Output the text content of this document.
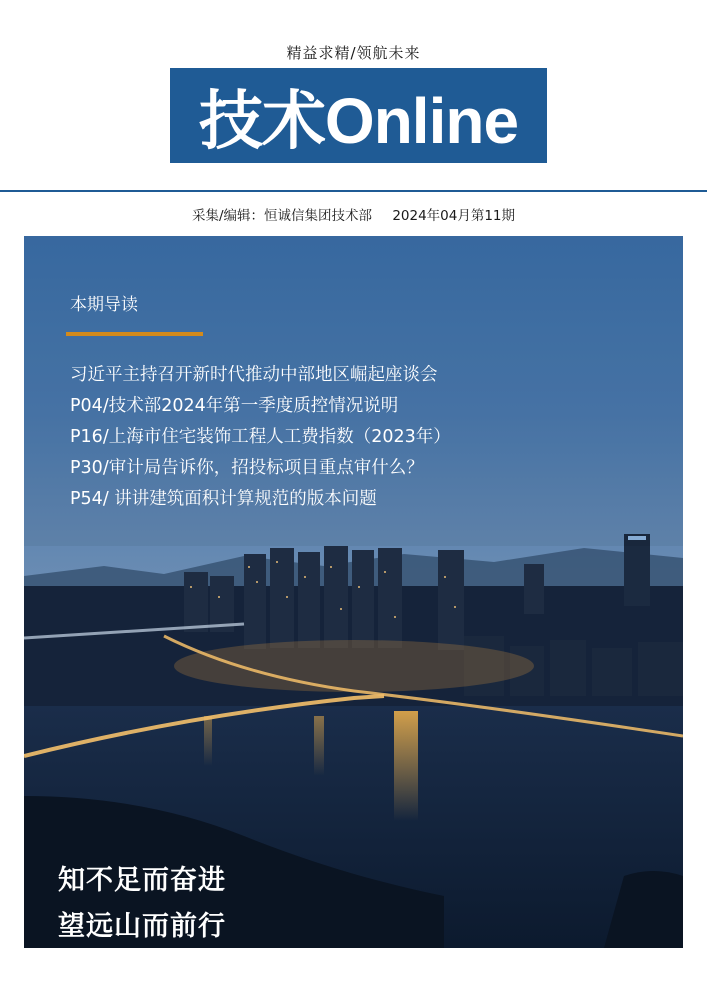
精益求精/领航未来
技术Online
采集/编辑：恒诚信集团技术部 2024年04月第11期
本期导读
习近平主持召开新时代推动中部地区崛起座谈会
P04/技术部2024年第一季度质控情况说明
P16/上海市住宅装饰工程人工费指数（2023年）
P30/审计局告诉你，招投标项目重点审什么？
P54/ 讲讲建筑面积计算规范的版本问题
知不足而奋进
望远山而前行
